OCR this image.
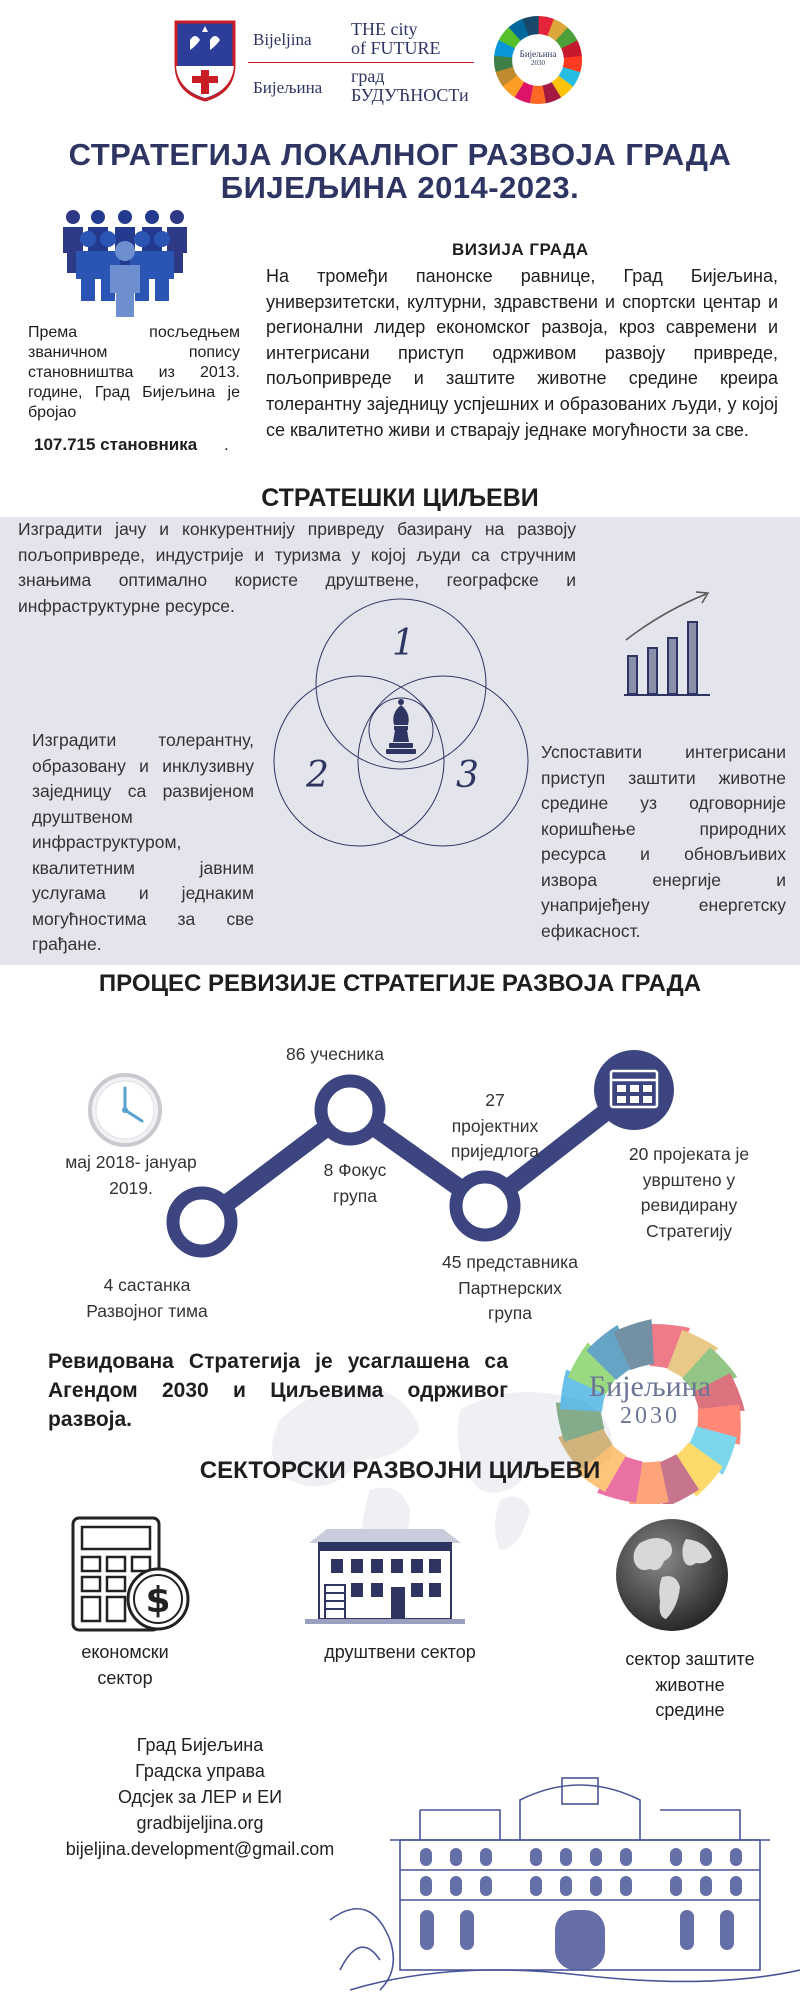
Bijeljina
Бијељина
THE city
of FUTURE
град
БУДУЋНОСТи
Бијељина
2030
СТРАТЕГИЈА ЛОКАЛНОГ РАЗВОЈА ГРАДА
БИЈЕЉИНА 2014-2023.
Према посљедњем званичном попису становништва из 2013. године, Град Бијељина је бројао
107.715 становника .
ВИЗИЈА ГРАДА
На тромеђи панонске равнице, Град Бијељина, универзитетски, културни, здравствени и спортски центар и регионални лидер економског развоја, кроз савремени и интегрисани приступ одрживом развоју привреде, пољопривреде и заштите животне средине креира толерантну заједницу успјешних и образованих људи, у којој се квалитетно живи и стварају једнаке могућности за све.
СТРАТЕШКИ ЦИЉЕВИ
Изградити јачу и конкурентнију привреду базирану на развоју пољопривреде, индустрије и туризма у којој људи са стручним знањима оптимално користе друштвене, географске и инфраструктурне ресурсе.
1
2	3
Изградити толерантну, образовану и инклузивну заједницу са развијеном друштвеном инфраструктуром, квалитетним јавним услугама и једнаким могућностима за све грађане.
Успоставити интегрисани приступ заштити животне средине уз одговорније коришћење природних ресурса и обновљивих извора енергије и унапријеђену енергетску ефикасност.
ПРОЦЕС РЕВИЗИЈЕ СТРАТЕГИЈЕ РАЗВОЈА ГРАДА
мај 2018- јануар
2019.
4 састанка
Развојног тима
86 учесника
8 Фокус
група
27
пројектних
приједлога
45 представника
Партнерских
група
20 пројеката је
уврштено у
ревидирану
Стратегију
Бијељина
2030
Ревидована Стратегија је усаглашена са Агендом 2030 и Циљевима одрживог развоја.
СЕКТОРСКИ РАЗВОЈНИ ЦИЉЕВИ
$
економски
сектор
друштвени сектор	сектор заштите
животне
средине
Град Бијељина
Градска управа
Одсјек за ЛЕР и ЕИ
gradbijeljina.org
bijeljina.development@gmail.com
